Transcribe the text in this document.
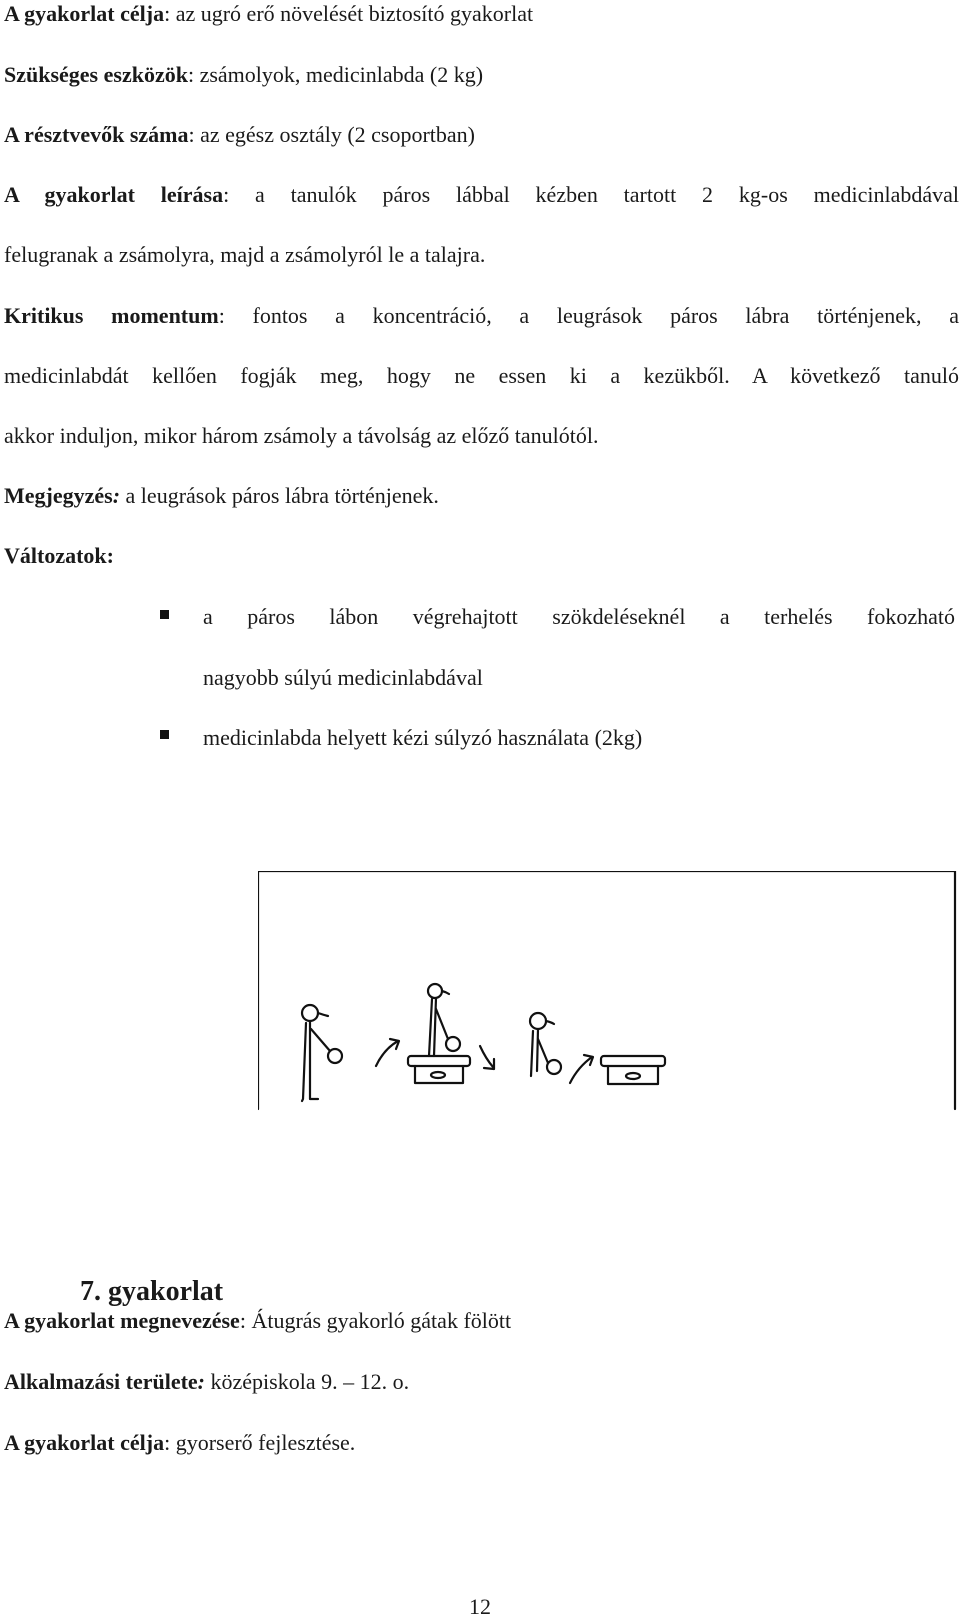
A gyakorlat célja: az ugró erő növelését biztosító gyakorlat
Szükséges eszközök: zsámolyok, medicinlabda (2 kg)
A résztvevők száma: az egész osztály (2 csoportban)
A gyakorlat leírása: a tanulók páros lábbal kézben tartott 2 kg-os medicinlabdával
felugranak a zsámolyra, majd a zsámolyról le a talajra.
Kritikus momentum: fontos a koncentráció, a leugrások páros lábra történjenek, a
medicinlabdát kellően fogják meg, hogy ne essen ki a kezükből. A következő tanuló
akkor induljon, mikor három zsámoly a távolság az előző tanulótól.
Megjegyzés: a leugrások páros lábra történjenek.
Változatok:
a páros lábon végrehajtott szökdeléseknél a terhelés fokozható
nagyobb súlyú medicinlabdával
medicinlabda helyett kézi súlyzó használata (2kg)
7. gyakorlat
A gyakorlat megnevezése: Átugrás gyakorló gátak fölött
Alkalmazási területe: középiskola 9. – 12. o.
A gyakorlat célja: gyorserő fejlesztése.
12
